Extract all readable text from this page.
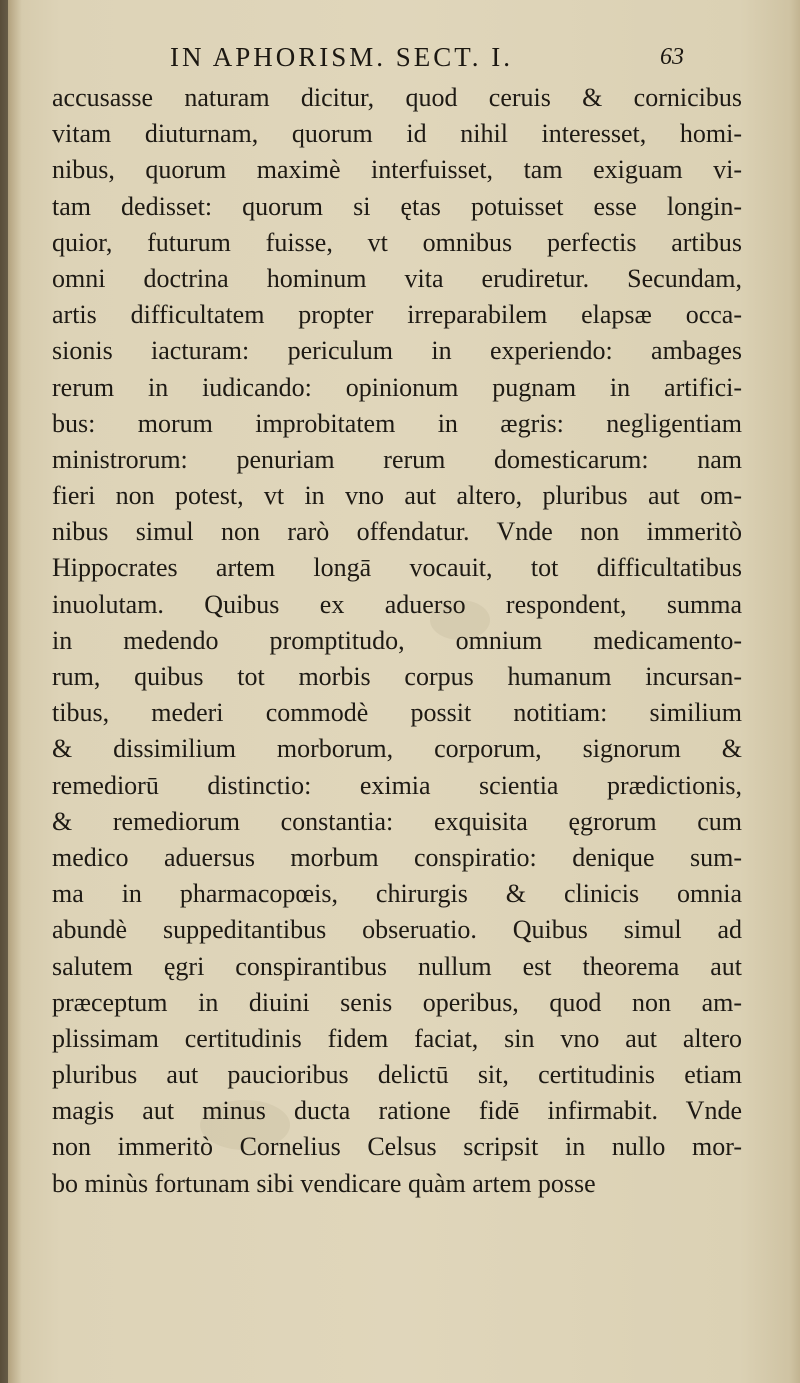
IN APHORISM. SECT. I.	63
accusasse naturam dicitur, quod ceruis & cornicibus
vitam diuturnam, quorum id nihil interesset, homi-
nibus, quorum maximè interfuisset, tam exiguam vi-
tam dedisset: quorum si ętas potuisset esse longin-
quior, futurum fuisse, vt omnibus perfectis artibus
omni doctrina hominum vita erudiretur. Secundam,
artis difficultatem propter irreparabilem elapsæ occa-
sionis iacturam: periculum in experiendo: ambages
rerum in iudicando: opinionum pugnam in artifici-
bus: morum improbitatem in ægris: negligentiam
ministrorum: penuriam rerum domesticarum: nam
fieri non potest, vt in vno aut altero, pluribus aut om-
nibus simul non rarò offendatur. Vnde non immeritò
Hippocrates artem longā vocauit, tot difficultatibus
inuolutam. Quibus ex aduerso respondent, summa
in medendo promptitudo, omnium medicamento-
rum, quibus tot morbis corpus humanum incursan-
tibus, mederi commodè possit notitiam: similium
& dissimilium morborum, corporum, signorum &
remediorū distinctio: eximia scientia prædictionis,
& remediorum constantia: exquisita ęgrorum cum
medico aduersus morbum conspiratio: denique sum-
ma in pharmacopœis, chirurgis & clinicis omnia
abundè suppeditantibus obseruatio. Quibus simul ad
salutem ęgri conspirantibus nullum est theorema aut
præceptum in diuini senis operibus, quod non am-
plissimam certitudinis fidem faciat, sin vno aut altero
pluribus aut paucioribus delictū sit, certitudinis etiam
magis aut minus ducta ratione fidē infirmabit. Vnde
non immeritò Cornelius Celsus scripsit in nullo mor-
bo minùs fortunam sibi vendicare quàm artem posse
